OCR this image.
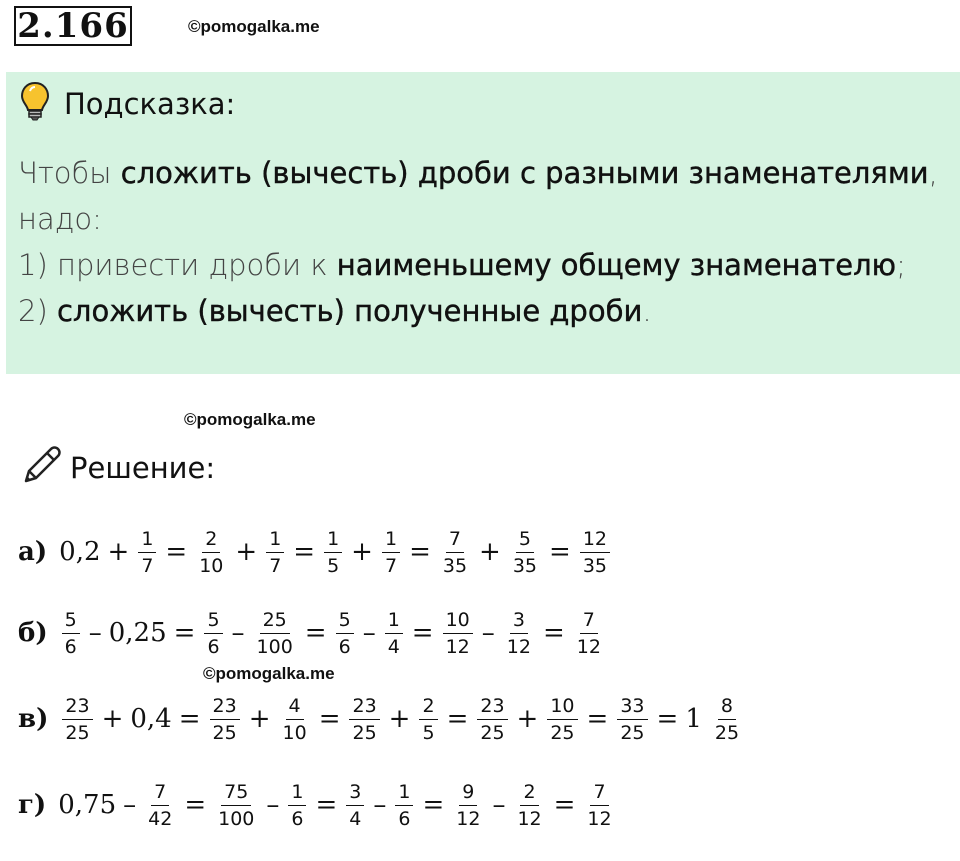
2.166	©pomogalka.me
Подсказка:
Чтобы сложить (вычесть) дроби с разными знаменателями,
надо:
1) привести дроби к наименьшему общему знаменателю;
2) сложить (вычесть) полученные дроби.
©pomogalka.me
Решение:
а) $0,2 + \frac{1}{7} = \frac{2}{10} + \frac{1}{7} = \frac{1}{5} + \frac{1}{7} = \frac{7}{35} + \frac{5}{35} = \frac{12}{35}$
$б) \frac{5}{6} - 0,25 = \frac{5}{6} - \frac{25}{100} = \frac{5}{6} - \frac{1}{4} = \frac{10}{12} - \frac{3}{12} = \frac{7}{12}$
©pomogalka.me
$в) \frac{23}{25} + 0,4 = \frac{23}{25} + \frac{4}{10} = \frac{23}{25} + \frac{2}{5} = \frac{23}{25} + \frac{10}{25} = \frac{33}{25} = 1 \frac{8}{25}$
г) $0,75 - \frac{7}{42} = \frac{75}{100} - \frac{1}{6} = \frac{3}{4} - \frac{1}{6} = \frac{9}{12} - \frac{2}{12} = \frac{7}{12}$
